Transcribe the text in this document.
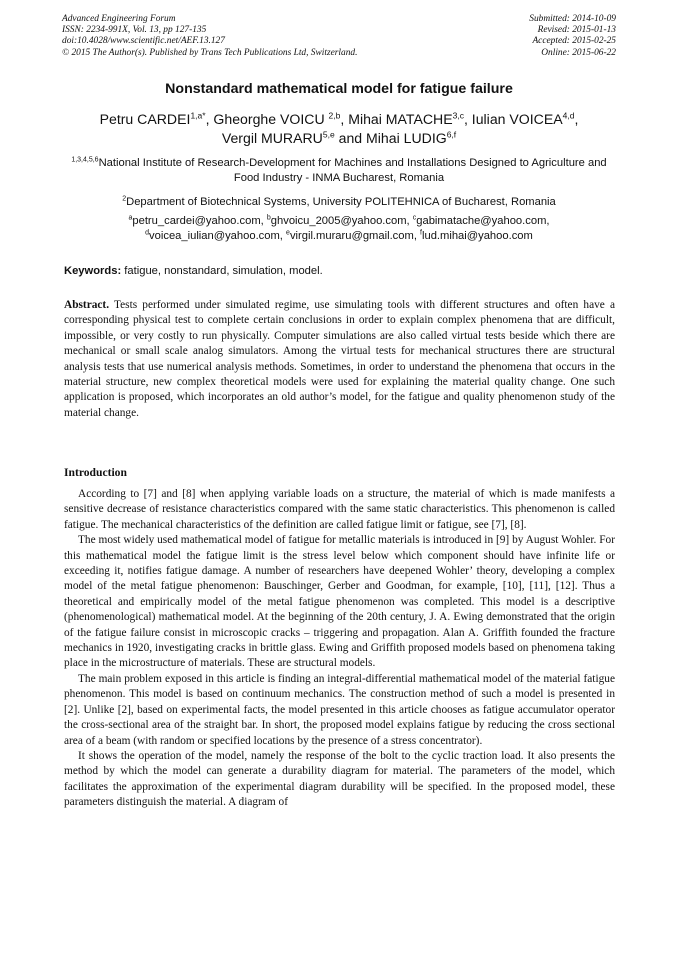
Advanced Engineering Forum
ISSN: 2234-991X, Vol. 13, pp 127-135
doi:10.4028/www.scientific.net/AEF.13.127
© 2015 The Author(s). Published by Trans Tech Publications Ltd, Switzerland.
Submitted: 2014-10-09
Revised: 2015-01-13
Accepted: 2015-02-25
Online: 2015-06-22
Nonstandard mathematical model for fatigue failure
Petru $CARDEI^{1,a*}$, Gheorghe VOICU $^{2,b}$, Mihai MATACHE$^{3,c}$, Iulian VOICEA$^{4,d}$,
Vergil MURARU$^{5,e}$ and Mihai LUDIG$^{6,f}$
$^{1,3,4,5,6}$National Institute of Research-Development for Machines and Installations Designed to Agriculture and Food Industry - INMA Bucharest, Romania
$^2$Department of Biotechnical Systems, University POLITEHNICA of Bucharest, Romania
$^a$petru_cardei@yahoo.com, $^b$ghvoicu_2005@yahoo.com, $^c$gabimatache@yahoo.com,
$^d$voicea_iulian@yahoo.com, $^e$virgil.muraru@gmail.com, $^f$lud.mihai@yahoo.com
Keywords: fatigue, nonstandard, simulation, model.
Abstract. Tests performed under simulated regime, use simulating tools with different structures and often have a corresponding physical test to complete certain conclusions in order to explain complex phenomena that are difficult, impossible, or very costly to run physically. Computer simulations are also called virtual tests beside which there are mechanical or small scale analog simulators. Among the virtual tests for mechanical structures there are structural analysis tests that use numerical analysis methods. Sometimes, in order to understand the phenomena that occurs in the material structure, new complex theoretical models were used for explaining the material quality change. One such application is proposed, which incorporates an old author’s model, for the fatigue and quality phenomenon study of the material change.
Introduction

According to [7] and [8] when applying variable loads on a structure, the material of which is made manifests a sensitive decrease of resistance characteristics compared with the same static characteristics. This phenomenon is called fatigue. The mechanical characteristics of the definition are called fatigue limit or fatigue, see [7], [8].

The most widely used mathematical model of fatigue for metallic materials is introduced in [9] by August Wohler. For this mathematical model the fatigue limit is the stress level below which component should have infinite life or exceeding it, notifies fatigue damage. A number of researchers have deepened Wohler’ theory, developing a complex model of the metal fatigue phenomenon: Bauschinger, Gerber and Goodman, for example, [10], [11], [12]. Thus a theoretical and empirically model of the metal fatigue phenomenon was completed. This model is a descriptive (phenomenological) mathematical model. At the beginning of the 20th century, J. A. Ewing demonstrated that the origin of the fatigue failure consist in microscopic cracks – triggering and propagation. Alan A. Griffith founded the fracture mechanics in 1920, investigating cracks in brittle glass. Ewing and Griffith proposed models based on phenomena taking place in the microstructure of materials. These are structural models.

The main problem exposed in this article is finding an integral-differential mathematical model of the material fatigue phenomenon. This model is based on continuum mechanics. The construction method of such a model is presented in [2]. Unlike [2], based on experimental facts, the model presented in this article chooses as fatigue accumulator operator the cross-sectional area of the straight bar. In short, the proposed model explains fatigue by reducing the cross sectional area of a beam (with random or specified locations by the presence of a stress concentrator).

It shows the operation of the model, namely the response of the bolt to the cyclic traction load. It also presents the method by which the model can generate a durability diagram for material. The parameters of the model, which facilitates the approximation of the experimental diagram durability will be specified. In the proposed model, these parameters distinguish the material. A diagram of
